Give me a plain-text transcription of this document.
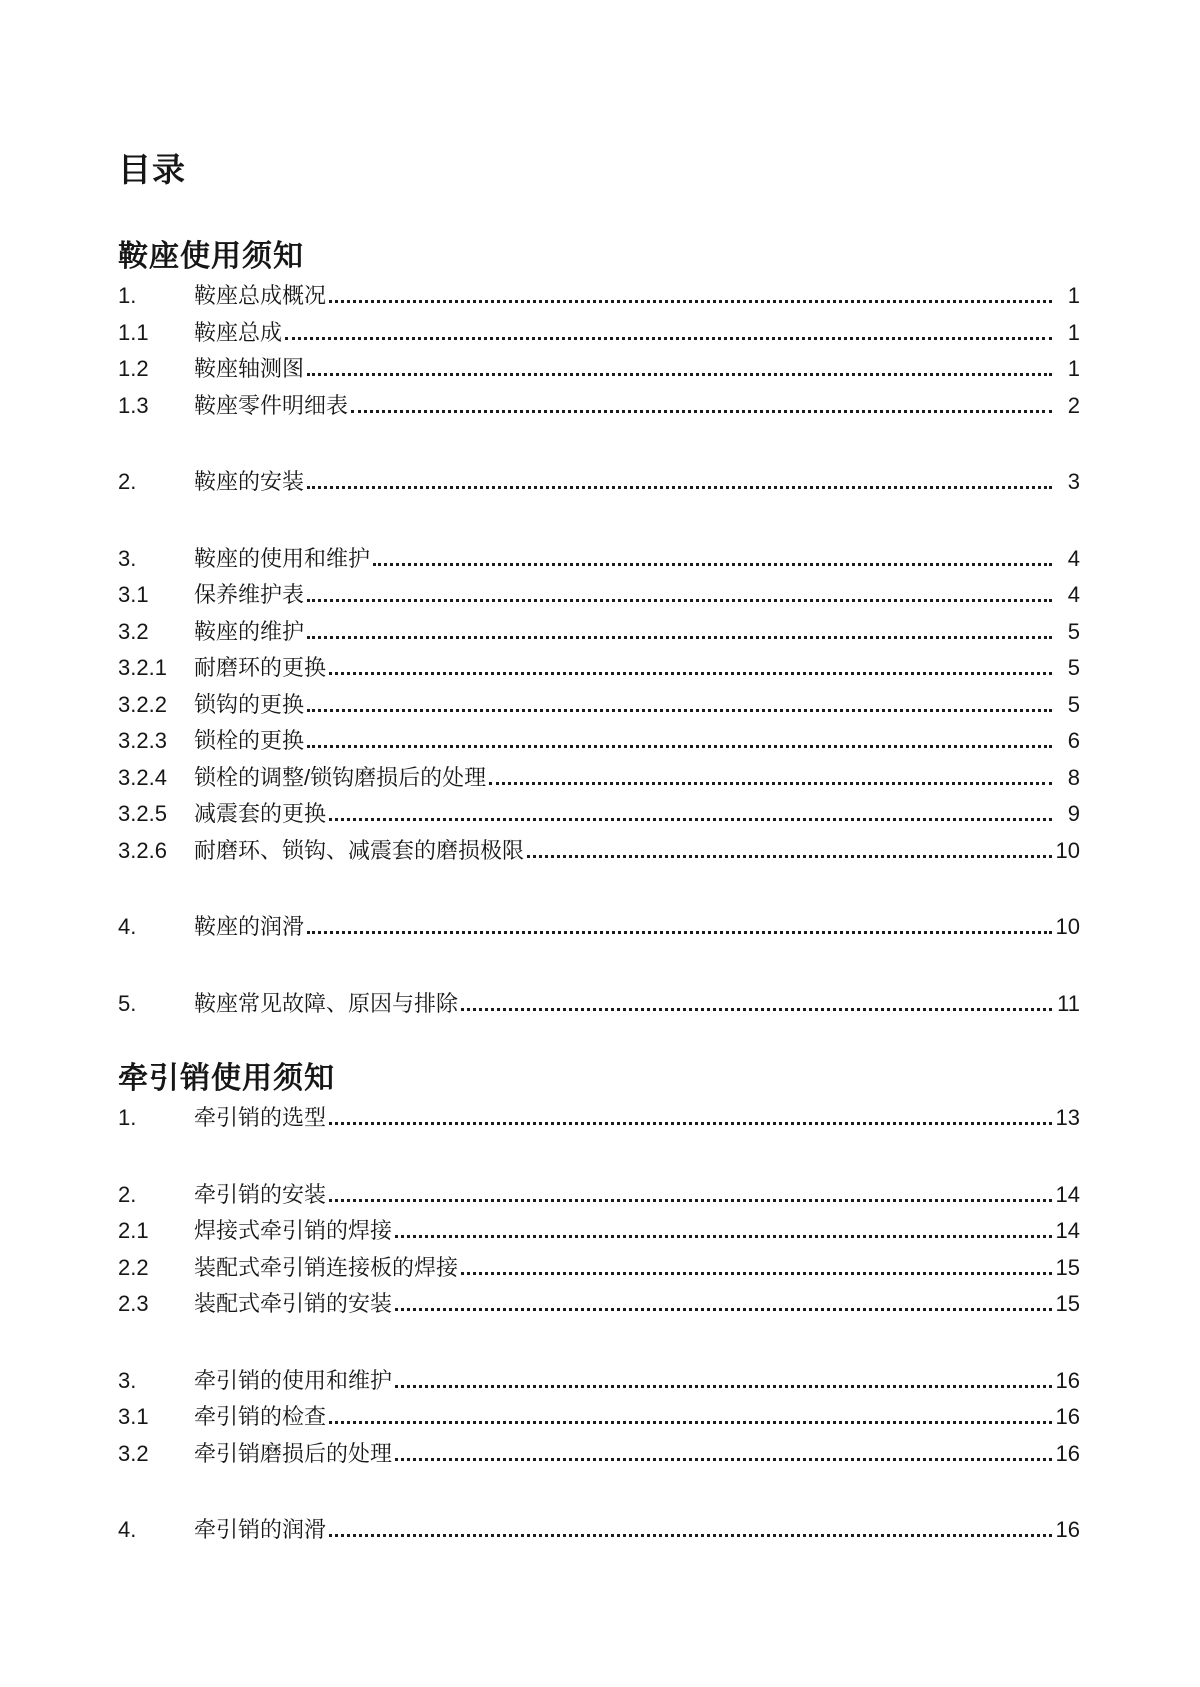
目录
鞍座使用须知
1.	鞍座总成概况	1
1.1	鞍座总成	1
1.2	鞍座轴测图	1
1.3	鞍座零件明细表	2
2.	鞍座的安装	3
3.	鞍座的使用和维护	4
3.1	保养维护表	4
3.2	鞍座的维护	5
3.2.1	耐磨环的更换	5
3.2.2	锁钩的更换	5
3.2.3	锁栓的更换	6
3.2.4	锁栓的调整/锁钩磨损后的处理	8
3.2.5	减震套的更换	9
3.2.6	耐磨环、锁钩、减震套的磨损极限	10
4.	鞍座的润滑	10
5.	鞍座常见故障、原因与排除	11
牵引销使用须知
1.	牵引销的选型	13
2.	牵引销的安装	14
2.1	焊接式牵引销的焊接	14
2.2	装配式牵引销连接板的焊接	15
2.3	装配式牵引销的安装	15
3.	牵引销的使用和维护	16
3.1	牵引销的检查	16
3.2	牵引销磨损后的处理	16
4.	牵引销的润滑	16
